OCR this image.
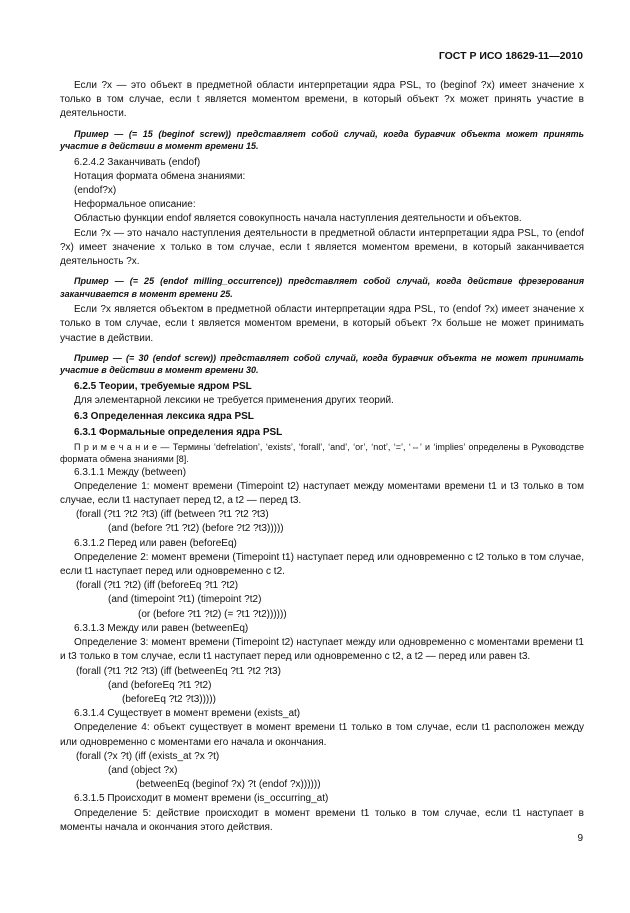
ГОСТ Р ИСО 18629-11—2010

Если ?x — это объект в предметной области интерпретации ядра PSL, то (beginof ?x) имеет значение x только в том случае, если t является моментом времени, в который объект ?x может принять участие в деятельности.

Пример — (= 15 (beginof screw)) представляет собой случай, когда буравчик объекта может принять участие в действии в момент времени 15.

6.2.4.2 Заканчивать (endof)

Нотация формата обмена знаниями:

(endof?x)

Неформальное описание:

Областью функции endof является совокупность начала наступления деятельности и объектов.

Если ?x — это начало наступления деятельности в предметной области интерпретации ядра PSL, то (endof ?x) имеет значение x только в том случае, если t является моментом времени, в который заканчивается деятельность ?x.

Пример — (= 25 (endof milling_occurrence)) представляет собой случай, когда действие фрезерования заканчивается в момент времени 25.

Если ?x является объектом в предметной области интерпретации ядра PSL, то (endof ?x) имеет значение x только в том случае, если t является моментом времени, в который объект ?x больше не может принимать участие в действии.

Пример — (= 30 (endof screw)) представляет собой случай, когда буравчик объекта не может принимать участие в действии в момент времени 30.

6.2.5 Теории, требуемые ядром PSL

Для элементарной лексики не требуется применения других теорий.

6.3 Определенная лексика ядра PSL

6.3.1 Формальные определения ядра PSL

П р и м е ч а н и е — Термины ‘defrelation’, ‘exists’, ‘forall’, ‘and’, ‘or’, ‘not’, ‘=’, ‘⇔’ и ‘implies’ определены в Руководстве формата обмена знаниями [8].

6.3.1.1 Между (between)

Определение 1: момент времени (Timepoint t2) наступает между моментами времени t1 и t3 только в том случае, если t1 наступает перед t2, а t2 — перед t3.

(forall (?t1 ?t2 ?t3) (iff (between ?t1 ?t2 ?t3)

(and (before ?t1 ?t2) (before ?t2 ?t3)))))

6.3.1.2 Перед или равен (beforeEq)

Определение 2: момент времени (Timepoint t1) наступает перед или одновременно с t2 только в том случае, если t1 наступает перед или одновременно с t2.

(forall (?t1 ?t2) (iff (beforeEq ?t1 ?t2)

(and (timepoint ?t1) (timepoint ?t2)

(or (before ?t1 ?t2) (= ?t1 ?t2))))))

6.3.1.3 Между или равен (betweenEq)

Определение 3: момент времени (Timepoint t2) наступает между или одновременно с моментами времени t1 и t3 только в том случае, если t1 наступает перед или одновременно с t2, а t2 — перед или равен t3.

(forall (?t1 ?t2 ?t3) (iff (betweenEq ?t1 ?t2 ?t3)

(and (beforeEq ?t1 ?t2)

(beforeEq ?t2 ?t3)))))

6.3.1.4 Существует в момент времени (exists_at)

Определение 4: объект существует в момент времени t1 только в том случае, если t1 расположен между или одновременно с моментами его начала и окончания.

(forall (?x ?t) (iff (exists_at ?x ?t)

(and (object ?x)

(betweenEq (beginof ?x) ?t (endof ?x))))))

6.3.1.5 Происходит в момент времени (is_occurring_at)

Определение 5: действие происходит в момент времени t1 только в том случае, если t1 наступает в моменты начала и окончания этого действия.

9
